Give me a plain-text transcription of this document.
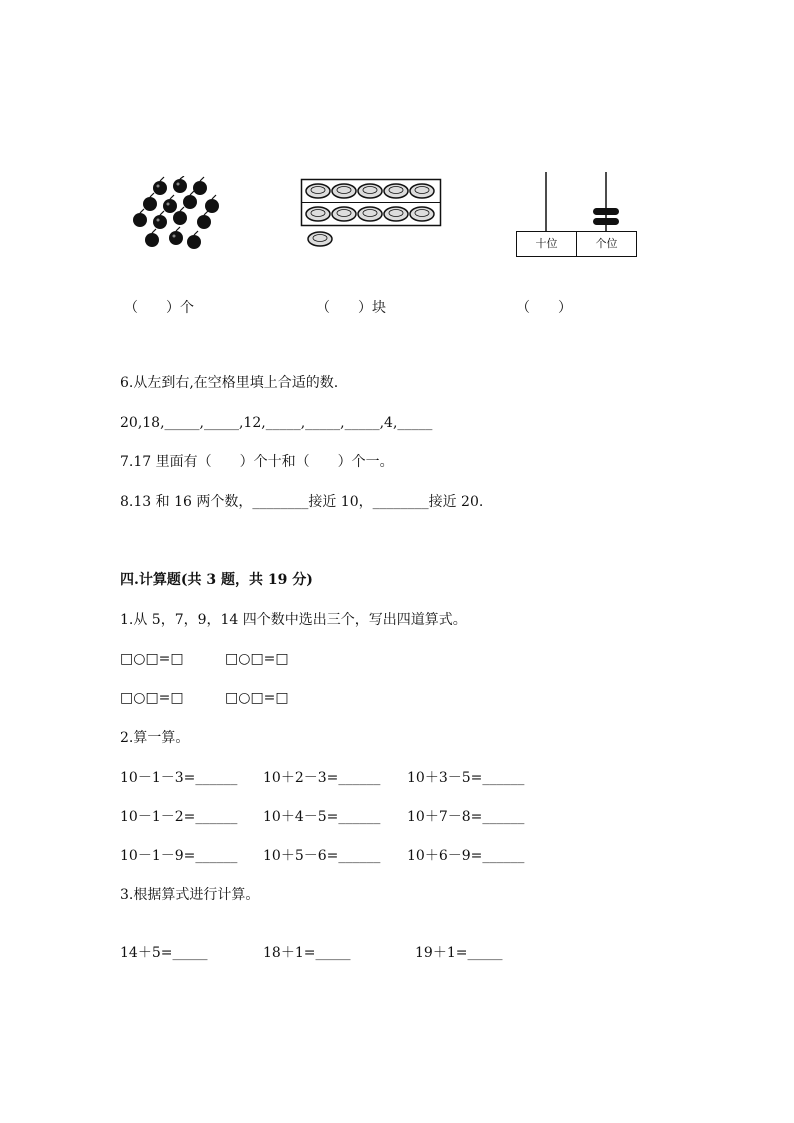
十位	个位
（　　）个	（　　）块	（　　）
6.从左到右,在空格里填上合适的数.
20,18,_____,_____,12,_____,_____,_____,4,_____
7.17 里面有（　　）个十和（　　）个一。
8.13 和 16 两个数，________接近 10，________接近 20.
四.计算题(共 3 题，共 19 分)
1.从 5，7，9，14 四个数中选出三个，写出四道算式。
□○□=□	□○□=□
□○□=□	□○□=□
2.算一算。
10－1－3=______ 10＋2－3=______ 10＋3－5=______
10－1－2=______ 10＋4－5=______ 10＋7－8=______
10－1－9=______ 10＋5－6=______ 10＋6－9=______
3.根据算式进行计算。
14＋5=_____	18＋1=_____	19＋1=_____
